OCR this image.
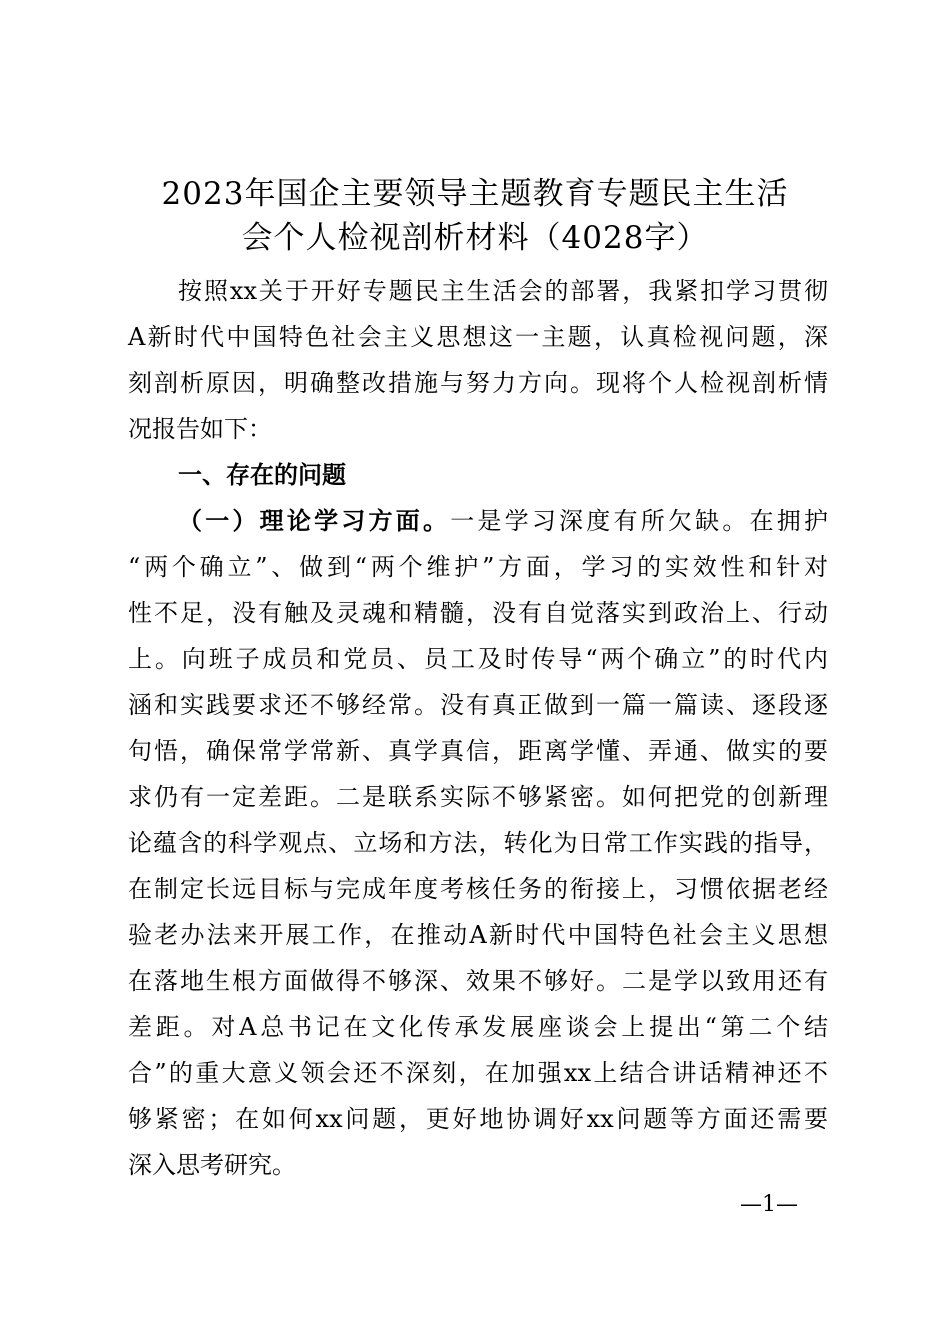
2023年国企主要领导主题教育专题民主生活
会个人检视剖析材料（4028字）
按照xx关于开好专题民主生活会的部署，我紧扣学习贯彻
A新时代中国特色社会主义思想这一主题，认真检视问题，深
刻剖析原因，明确整改措施与努力方向。现将个人检视剖析情
况报告如下：
一、存在的问题
（一）理论学习方面。一是学习深度有所欠缺。在拥护
“两个确立”、做到“两个维护”方面，学习的实效性和针对
性不足，没有触及灵魂和精髓，没有自觉落实到政治上、行动
上。向班子成员和党员、员工及时传导“两个确立”的时代内
涵和实践要求还不够经常。没有真正做到一篇一篇读、逐段逐
句悟，确保常学常新、真学真信，距离学懂、弄通、做实的要
求仍有一定差距。二是联系实际不够紧密。如何把党的创新理
论蕴含的科学观点、立场和方法，转化为日常工作实践的指导，
在制定长远目标与完成年度考核任务的衔接上，习惯依据老经
验老办法来开展工作，在推动A新时代中国特色社会主义思想
在落地生根方面做得不够深、效果不够好。二是学以致用还有
差距。对A总书记在文化传承发展座谈会上提出“第二个结
合”的重大意义领会还不深刻，在加强xx上结合讲话精神还不
够紧密；在如何xx问题，更好地协调好xx问题等方面还需要
深入思考研究。
—1—
